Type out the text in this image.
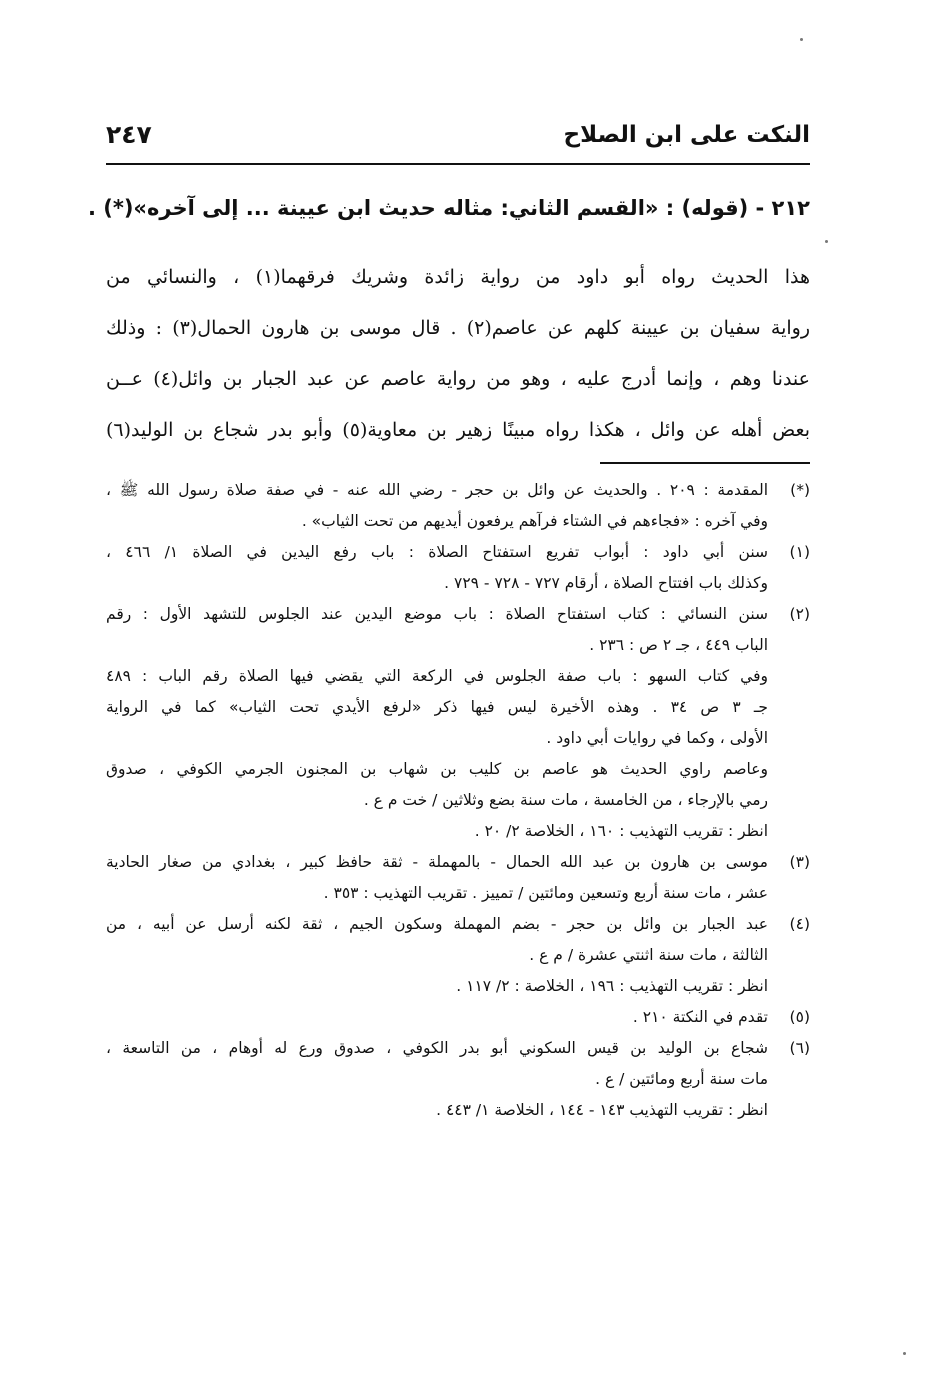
النكت على ابن الصلاح
٢٤٧
٢١٢ - (قوله) : «القسم الثاني: مثاله حديث ابن عيينة ... إلى آخره»(*) .
هذا الحديث رواه أبو داود من رواية زائدة وشريك فرقهما(١) ، والنسائي من
رواية سفيان بن عيينة كلهم عن عاصم(٢) . قال موسى بن هارون الحمال(٣) : وذلك
عندنا وهم ، وإنما أدرج عليه ، وهو من رواية عاصم عن عبد الجبار بن وائل(٤) عــن
بعض أهله عن وائل ، هكذا رواه مبينًا زهير بن معاوية(٥) وأبو بدر شجاع بن الوليد(٦)
(*)
المقدمة : ٢٠٩ . والحديث عن وائل بن حجر - رضي الله عنه - في صفة صلاة رسول الله ﷺ ،
وفي آخره : «فجاءهم في الشتاء فرآهم يرفعون أيديهم من تحت الثياب» .
(١)
سنن أبي داود : أبواب تفريع استفتاح الصلاة : باب رفع اليدين في الصلاة ١/ ٤٦٦ ،
وكذلك باب افتتاح الصلاة ، أرقام ٧٢٧ - ٧٢٨ - ٧٢٩ .
(٢)
سنن النسائي : كتاب استفتاح الصلاة : باب موضع اليدين عند الجلوس للتشهد الأول : رقم
الباب ٤٤٩ ، جـ ٢ ص : ٢٣٦ .
وفي كتاب السهو : باب صفة الجلوس في الركعة التي يقضي فيها الصلاة رقم الباب : ٤٨٩
جـ ٣ ص ٣٤ . وهذه الأخيرة ليس فيها ذكر «لرفع الأيدي تحت الثياب» كما في الرواية
الأولى ، وكما في روايات أبي داود .
وعاصم راوي الحديث هو عاصم بن كليب بن شهاب بن المجنون الجرمي الكوفي ، صدوق
رمي بالإرجاء ، من الخامسة ، مات سنة بضع وثلاثين / خت م ع .
انظر : تقريب التهذيب : ١٦٠ ، الخلاصة ٢/ ٢٠ .
(٣)
موسى بن هارون بن عبد الله الحمال - بالمهملة - ثقة حافظ كبير ، بغدادي من صغار الحادية
عشر ، مات سنة أربع وتسعين ومائتين / تمييز . تقريب التهذيب : ٣٥٣ .
(٤)
عبد الجبار بن وائل بن حجر - بضم المهملة وسكون الجيم ، ثقة لكنه أرسل عن أبيه ، من
الثالثة ، مات سنة اثنتي عشرة / م ع .
انظر : تقريب التهذيب : ١٩٦ ، الخلاصة : ٢/ ١١٧ .
(٥)
تقدم في النكتة ٢١٠ .
(٦)
شجاع بن الوليد بن قيس السكوني أبو بدر الكوفي ، صدوق ورع له أوهام ، من التاسعة ،
مات سنة أربع ومائتين / ع .
انظر : تقريب التهذيب ١٤٣ - ١٤٤ ، الخلاصة ١/ ٤٤٣ .
